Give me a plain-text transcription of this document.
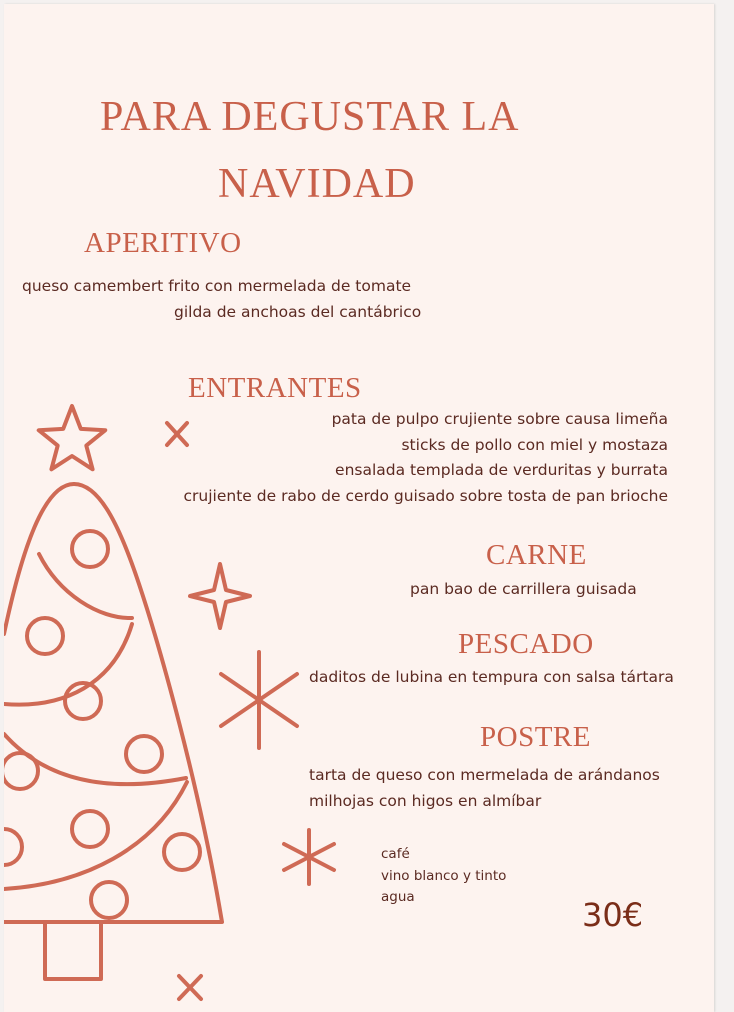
PARA DEGUSTAR LA
NAVIDAD
APERITIVO

queso camembert frito con mermelada de tomate

gilda de anchoas del cantábrico

ENTRANTES

pata de pulpo crujiente sobre causa limeña

sticks de pollo con miel y mostaza

ensalada templada de verduritas y burrata

crujiente de rabo de cerdo guisado sobre tosta de pan brioche

CARNE

pan bao de carrillera guisada

PESCADO

daditos de lubina en tempura con salsa tártara

POSTRE

tarta de queso con mermelada de arándanos

milhojas con higos en almíbar

café
vino blanco y tinto
agua	30€
